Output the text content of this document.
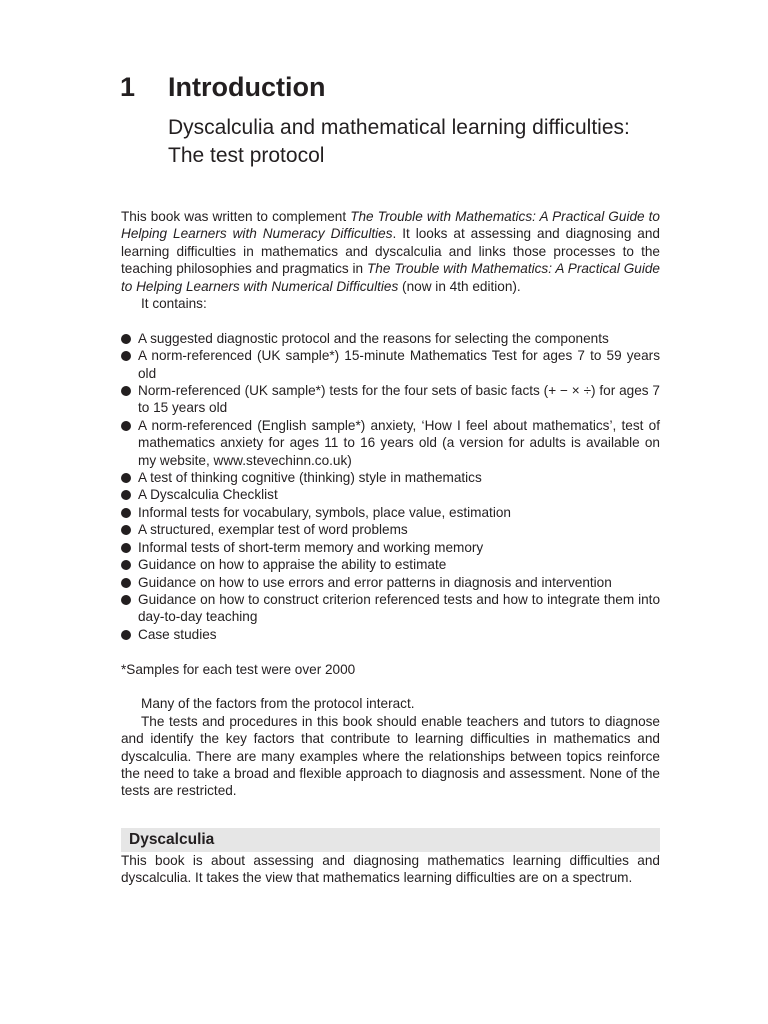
1 Introduction
Dyscalculia and mathematical learning difficulties: The test protocol

This book was written to complement The Trouble with Mathematics: A Practical Guide to Helping Learners with Numeracy Difficulties. It looks at assessing and diagnosing and learning difficulties in mathematics and dyscalculia and links those processes to the teaching philosophies and pragmatics in The Trouble with Mathematics: A Practical Guide to Helping Learners with Numerical Difficulties (now in 4th edition).

It contains:

A suggested diagnostic protocol and the reasons for selecting the components
A norm-referenced (UK sample*) 15-minute Mathematics Test for ages 7 to 59 years old
Norm-referenced (UK sample*) tests for the four sets of basic facts (+ − × ÷) for ages 7 to 15 years old
A norm-referenced (English sample*) anxiety, ‘How I feel about mathematics’, test of mathematics anxiety for ages 11 to 16 years old (a version for adults is available on my website, www.stevechinn.co.uk)
A test of thinking cognitive (thinking) style in mathematics
A Dyscalculia Checklist
Informal tests for vocabulary, symbols, place value, estimation
A structured, exemplar test of word problems
Informal tests of short-term memory and working memory
Guidance on how to appraise the ability to estimate
Guidance on how to use errors and error patterns in diagnosis and intervention
Guidance on how to construct criterion referenced tests and how to integrate them into day-to-day teaching
Case studies

*Samples for each test were over 2000

Many of the factors from the protocol interact.

The tests and procedures in this book should enable teachers and tutors to diagnose and identify the key factors that contribute to learning difficulties in mathematics and dyscalculia. There are many examples where the relationships between topics reinforce the need to take a broad and flexible approach to diagnosis and assessment. None of the tests are restricted.

Dyscalculia

This book is about assessing and diagnosing mathematics learning difficulties and dyscalculia. It takes the view that mathematics learning difficulties are on a spectrum.
